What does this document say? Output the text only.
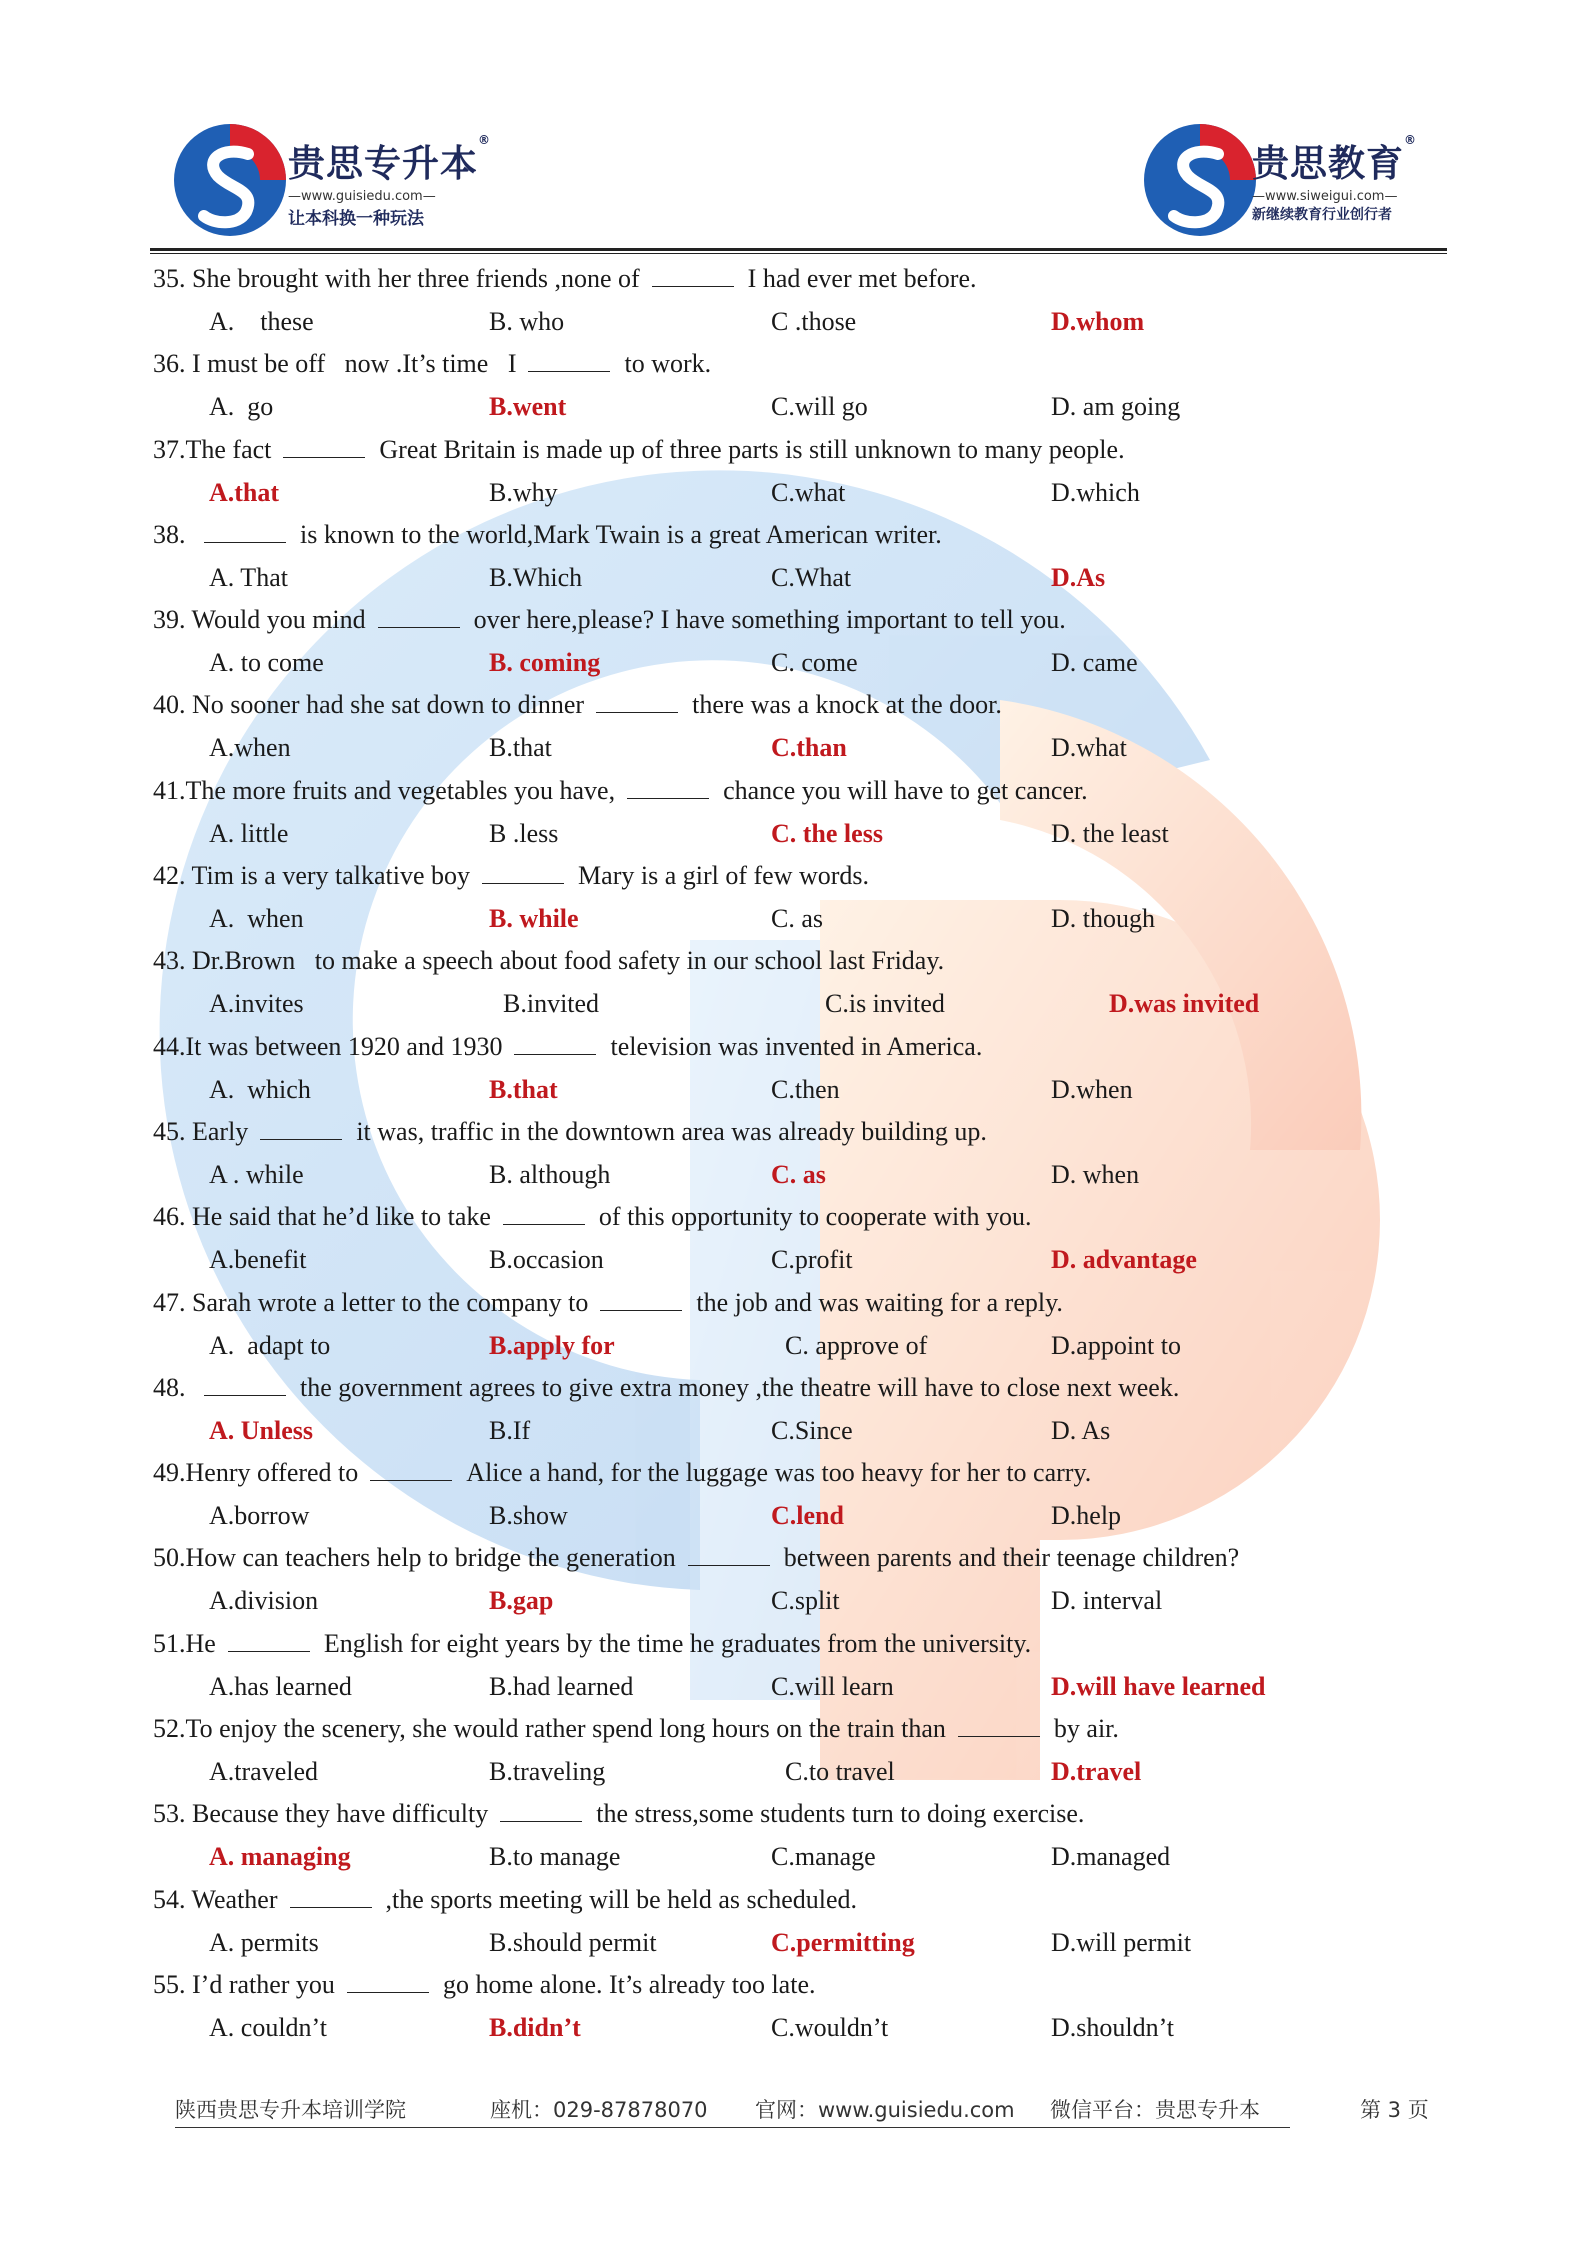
贵思专升本®
—www.guisiedu.com—
让本科换一种玩法
贵思教育®
—www.siweigui.com—
新继续教育行业创行者
35. She brought with her three friends ,none of	I had ever met before.
A.    these	B. who	C .those	D.whom
36. I must be off   now .It’s time   I	to work.
A.  go	B.went	C.will go	D. am going
37.The fact	Great Britain is made up of three parts is still unknown to many people.
A.that	B.why	C.what	D.which
38.	is known to the world,Mark Twain is a great American writer.
A. That	B.Which	C.What	D.As
39. Would you mind	over here,please? I have something important to tell you.
A. to come	B. coming	C. come	D. came
40. No sooner had she sat down to dinner	there was a knock at the door.
A.when	B.that	C.than	D.what
41.The more fruits and vegetables you have,	chance you will have to get cancer.
A. little	B .less	C. the less	D. the least
42. Tim is a very talkative boy	Mary is a girl of few words.
A.  when	B. while	C. as	D. though
43. Dr.Brown   to make a speech about food safety in our school last Friday.
A.invites	B.invited	C.is invited	D.was invited
44.It was between 1920 and 1930	television was invented in America.
A.  which	B.that	C.then	D.when
45. Early	it was, traffic in the downtown area was already building up.
A . while	B. although	C. as	D. when
46. He said that he’d like to take	of this opportunity to cooperate with you.
A.benefit	B.occasion	C.profit	D. advantage
47. Sarah wrote a letter to the company to	the job and was waiting for a reply.
A.  adapt to	B.apply for	C. approve of	D.appoint to
48.	the government agrees to give extra money ,the theatre will have to close next week.
A. Unless	B.If	C.Since	D. As
49.Henry offered to	Alice a hand, for the luggage was too heavy for her to carry.
A.borrow	B.show	C.lend	D.help
50.How can teachers help to bridge the generation	between parents and their teenage children?
A.division	B.gap	C.split	D. interval
51.He	English for eight years by the time he graduates from the university.
A.has learned	B.had learned	C.will learn	D.will have learned
52.To enjoy the scenery, she would rather spend long hours on the train than	by air.
A.traveled	B.traveling	C.to travel	D.travel
53. Because they have difficulty	the stress,some students turn to doing exercise.
A. managing	B.to manage	C.manage	D.managed
54. Weather	,the sports meeting will be held as scheduled.
A. permits	B.should permit	C.permitting	D.will permit
55. I’d rather you	go home alone. It’s already too late.
A. couldn’t	B.didn’t	C.wouldn’t	D.shouldn’t
陕西贵思专升本培训学院	座机：029-87878070 官网：www.guisiedu.com 微信平台：贵思专升本	第 3 页
